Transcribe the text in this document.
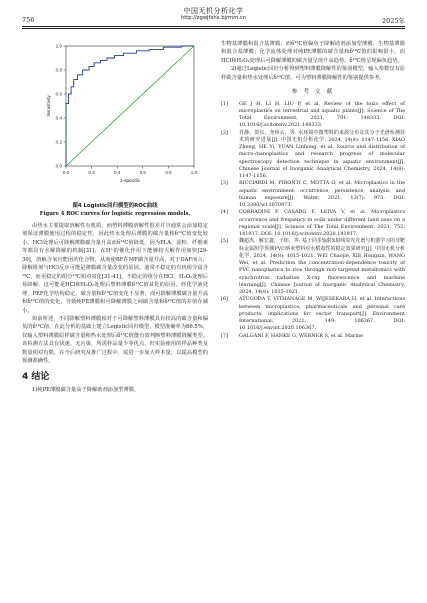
中国无机分析化学
http://zgwjfxhx.bjrmm.cn
756	2025年
0.0	0.2	0.4	0.6	0.8	1.0
0.0
0.2
0.4
0.6
0.8
1.0
1-specific
Sensitivity
图4 Logistic回归模型的ROC曲线
Figure 4 ROC curves for logistic regression models.

由热水主要提取溶解性有机质，而塑料薄膜溶解性很差并且通常会添加稳定剂保证薄膜使用过程的稳定性，因此热水处理后薄膜的碳含量和δ¹³C值变化较小。HCl处理后可降解薄膜碳含量升高而δ¹³C值降低，因为PLA、淀粉、纤维素等都具有水解降解的机制[31]，在H⁺的催化作用下能够较大解作用加快[29-30]，溶解含氧官能团的化合物，从而使BF在MF碳含量升高，对于DAF而言，降解组剂与HCl反应可能是薄膜碳含量改变的原因。通常不稳定的有机组分富含¹³C，而更稳定的组分¹³C相对贫化[31-41]，不稳定的组分在HCl、H₂O₂处理后易降解，这可能是HCl和H₂O₂处理后塑料薄膜δ¹³C值贫化的原因。经化学液处理，PEF化学结构稳定，碳含量和δ¹³C值变化不显著，而可降解薄膜碳含量升高和δ¹³C值的变化，导致纯PE薄膜和可降解薄膜之间碳含量和δ¹³C值的差值在减小。

如前所述，不同降解塑料薄膜相对于可降解塑料薄膜具有较高的碳含量和偏负的δ¹³C值，在此分析的基础上建立Logistic回归模型，模型准确率为86.5%，仅输入塑料薄膜原样碳含量和热水处理后δ¹³C值能有效判断塑料薄膜降解类型。该检测方法具有快速、无污染、所需样品量少等优点，但实验使用的样品种类及数量相对有限，在今后研究及推广过程中，需进一步加大样本量，以提高模型的预测准确性。

4 结论

1)纯PE薄膜碳含量高于降解助剂添加型薄膜、

生物基薄膜和混合基薄膜，而δ¹³C值偏负于降解助剂添加型薄膜、生物基薄膜和混合基薄膜；化学流体处理对纯PE薄膜的碳含量和δ¹³C值的影响很小，而HCl和H₂O₂处理后可降解薄膜的碳含量呈现升高趋势，δ¹³C值呈现偏负趋势。

2)通过Logistic回归分析得到塑料薄膜降解性的鉴别模型，输入参数仅有原样碳含量和热水处理后δ¹³C值，可为塑料薄膜降解性的鉴别提供参考。

参 考 文 献
[1]	GE J H, LI H, LIU P, et al. Review of the toxic effect of microplastics on terrestrial and aquatic plants[J]. Science of The Total Environment, 2021, 791: 148333. DOI: 10.1016/j.scitotenv.2021.148333.
[2]	肖静，贺仪，尧林玄，等. 水环境中微塑料的来源分布及其分子光谱检测技术的研究进展[J]. 中国无机分析化学, 2024, 14(8): 1147-1156. XIAO Zheng, HE Yi, YUAN Linhong, et al. Source and distribution of micro-/nanoplastics and research progress of molecular spectroscopy detection technique in aquatic environment[J]. Chinese Journal of Inorganic Analytical Chemistry, 2024, 14(8): 1147-1156.
[3]	RICCIARDI M, PIRONTI C, MOTTA O, et al. Microplastics in the aquatic environment: occurrence, persistence, analysis, and human exposure[J]. Water, 2021, 13(7): 973. DOI: 10.3390/w13070973.
[4]	CORRADINI F, CASADO F, LEIVA V, et al. Microplastics occurrence and frequency in soils under different land uses on a regional scale[J]. Science of The Total Environment, 2021, 752: 141917. DOI: 10.1016/j.scitotenv.2020.141917.
[5]	魏超杰，解宏鑫，王炜，等. 基于同步辐射X射线荧光光谱与机器学习的非靶标金属组学预测PVC纳米塑料对水稻毒性的稳定效果研究[J]. 中国无机分析化学, 2024, 14(8): 1015-1021. WEI Chaojie, XIE Hongxin, WANG Wei, et al. Prediction the concentration-dependence toxicity of PVC nanoplastics to rice through non-targeted metallomics with synchrotron radiation X-ray fluorescence and machine learning[J]. Chinese Journal of Inorganic Analytical Chemistry, 2024, 14(8): 1015-1021.
[6]	ATUGODA T, VITHANAGE M, WIJESEKARA H, et al. Interactions between microplastics, pharmaceuticals and personal care products: implications for vector transport[J]. Environment International, 2021, 149: 106367. DOI: 10.1016/j.envint.2020.106367.
[7]	GALGANI F, HANKE G, WERNER S, et al. Marine
